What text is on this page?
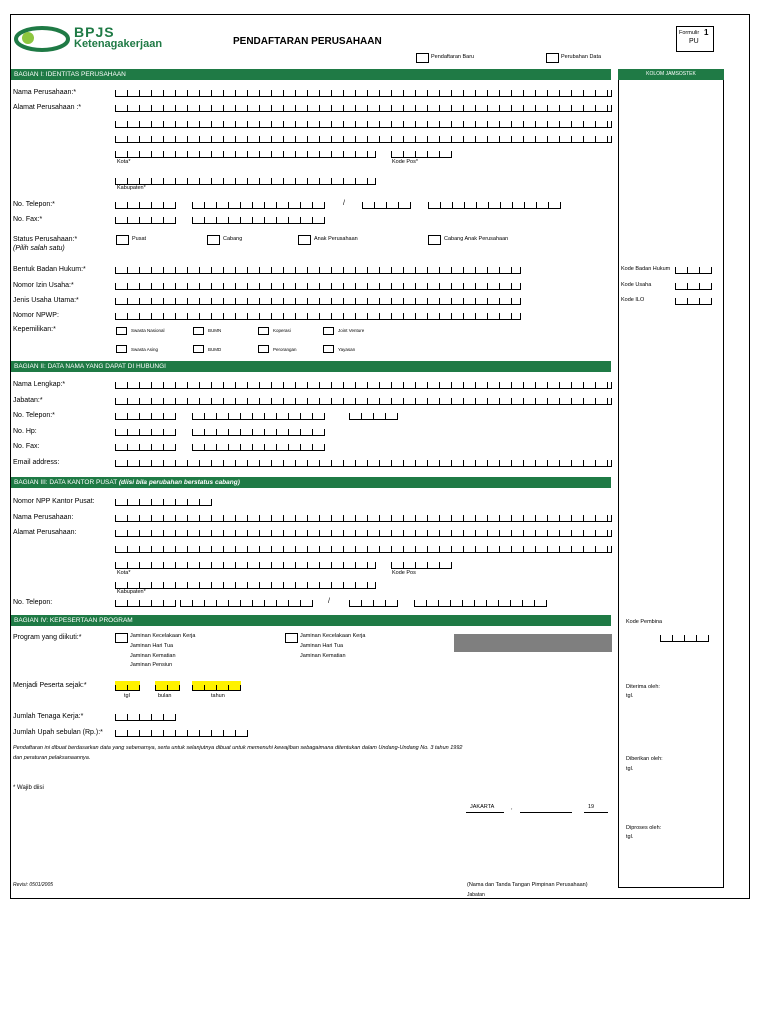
BPJS
Ketenagakerjaan	PENDAFTARAN PERUSAHAAN
Formulir 1
PU
Pendaftaran Baru	Perubahan Data
KOLOM JAMSOSTEK
BAGIAN I: IDENTITAS PERUSAHAAN
Nama Perusahaan:*
Alamat Perusahaan :*
Kota*	Kode Pos*
Kabupaten*
No. Telepon:*	/
No. Fax:*
Status Perusahaan:*
(Pilih salah satu)
Pusat	Cabang	Anak Perusahaan	Cabang Anak Perusahaan
Bentuk Badan Hukum:*
Nomor Izin Usaha:*
Jenis Usaha Utama:*
Nomor NPWP:
Kode Badan Hukum
Kode Usaha
Kode ILO
Kepemilikan:*	Swasta Nasional	BUMN	Koperasi	Joint Venture
Swasta Asing	BUMD	Perorangan	Yayasan
BAGIAN II: DATA NAMA YANG DAPAT DI HUBUNGI
Nama Lengkap:*
Jabatan:*
No. Telepon:*
No. Hp:
No. Fax:
Email address:
BAGIAN III: DATA KANTOR PUSAT (diisi bila perubahan berstatus cabang)
Nomor NPP Kantor Pusat:
Nama Perusahaan:
Alamat Perusahaan:
Kota*	Kode Pos
Kabupaten*
No. Telepon:	/
BAGIAN IV: KEPESERTAAN PROGRAM	Kode Pembina
Program yang diikuti:*	Jaminan Kecelakaan Kerja
Jaminan Hari Tua
Jaminan Kematian
Jaminan Pensiun
Jaminan Kecelakaan Kerja
Jaminan Hari Tua
Jaminan Kematian
Menjadi Peserta sejak:*
tgl	bulan	tahun
Diterima oleh:
tgl.
Jumlah Tenaga Kerja:*
Jumlah Upah sebulan (Rp.):*
Pendaftaran ini dibuat berdasarkan data yang sebenarnya, serta untuk selanjutnya dibuat untuk memenuhi kewajiban sebagaimana ditentukan dalam Undang-Undang No. 3 tahun 1992
dan peraturan pelaksanaannya.	Diberikan oleh:
tgl.
* Wajib diisi
JAKARTA	,	19
Diproses oleh:
tgl.
Revisi: 0501/2005	(Nama dan Tanda Tangan Pimpinan Perusahaan)
Jabatan
